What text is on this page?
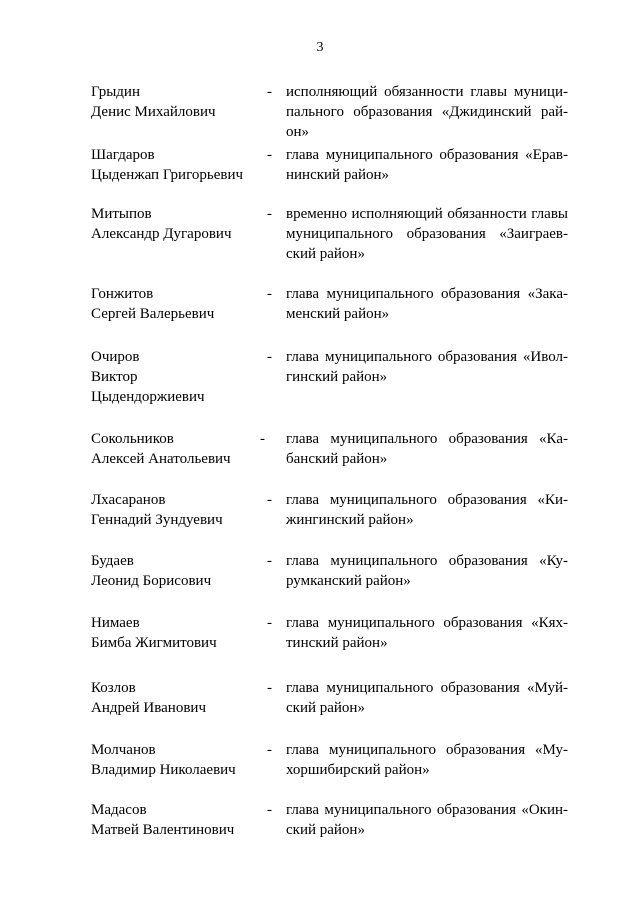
3
Грыдин
Денис Михайлович
- исполняющий обязанности главы муници-
пального образования «Джидинский рай-
он»
Шагдаров
Цыденжап Григорьевич
- глава муниципального образования «Ерав-
нинский район»
Митыпов
Александр Дугарович
- временно исполняющий обязанности главы
муниципального образования «Заиграев-
ский район»
Гонжитов
Сергей Валерьевич
- глава муниципального образования «Зака-
менский район»
Очиров
Виктор
Цыдендоржиевич
- глава муниципального образования «Ивол-
гинский район»
Сокольников
Алексей Анатольевич
- глава муниципального образования «Ка-
банский район»
Лхасаранов
Геннадий Зундуевич
- глава муниципального образования «Ки-
жингинский район»
Будаев
Леонид Борисович
- глава муниципального образования «Ку-
румканский район»
Нимаев
Бимба Жигмитович
- глава муниципального образования «Кях-
тинский район»
Козлов
Андрей Иванович
- глава муниципального образования «Муй-
ский район»
Молчанов
Владимир Николаевич
- глава муниципального образования «Му-
хоршибирский район»
Мадасов
Матвей Валентинович
- глава муниципального образования «Окин-
ский район»
